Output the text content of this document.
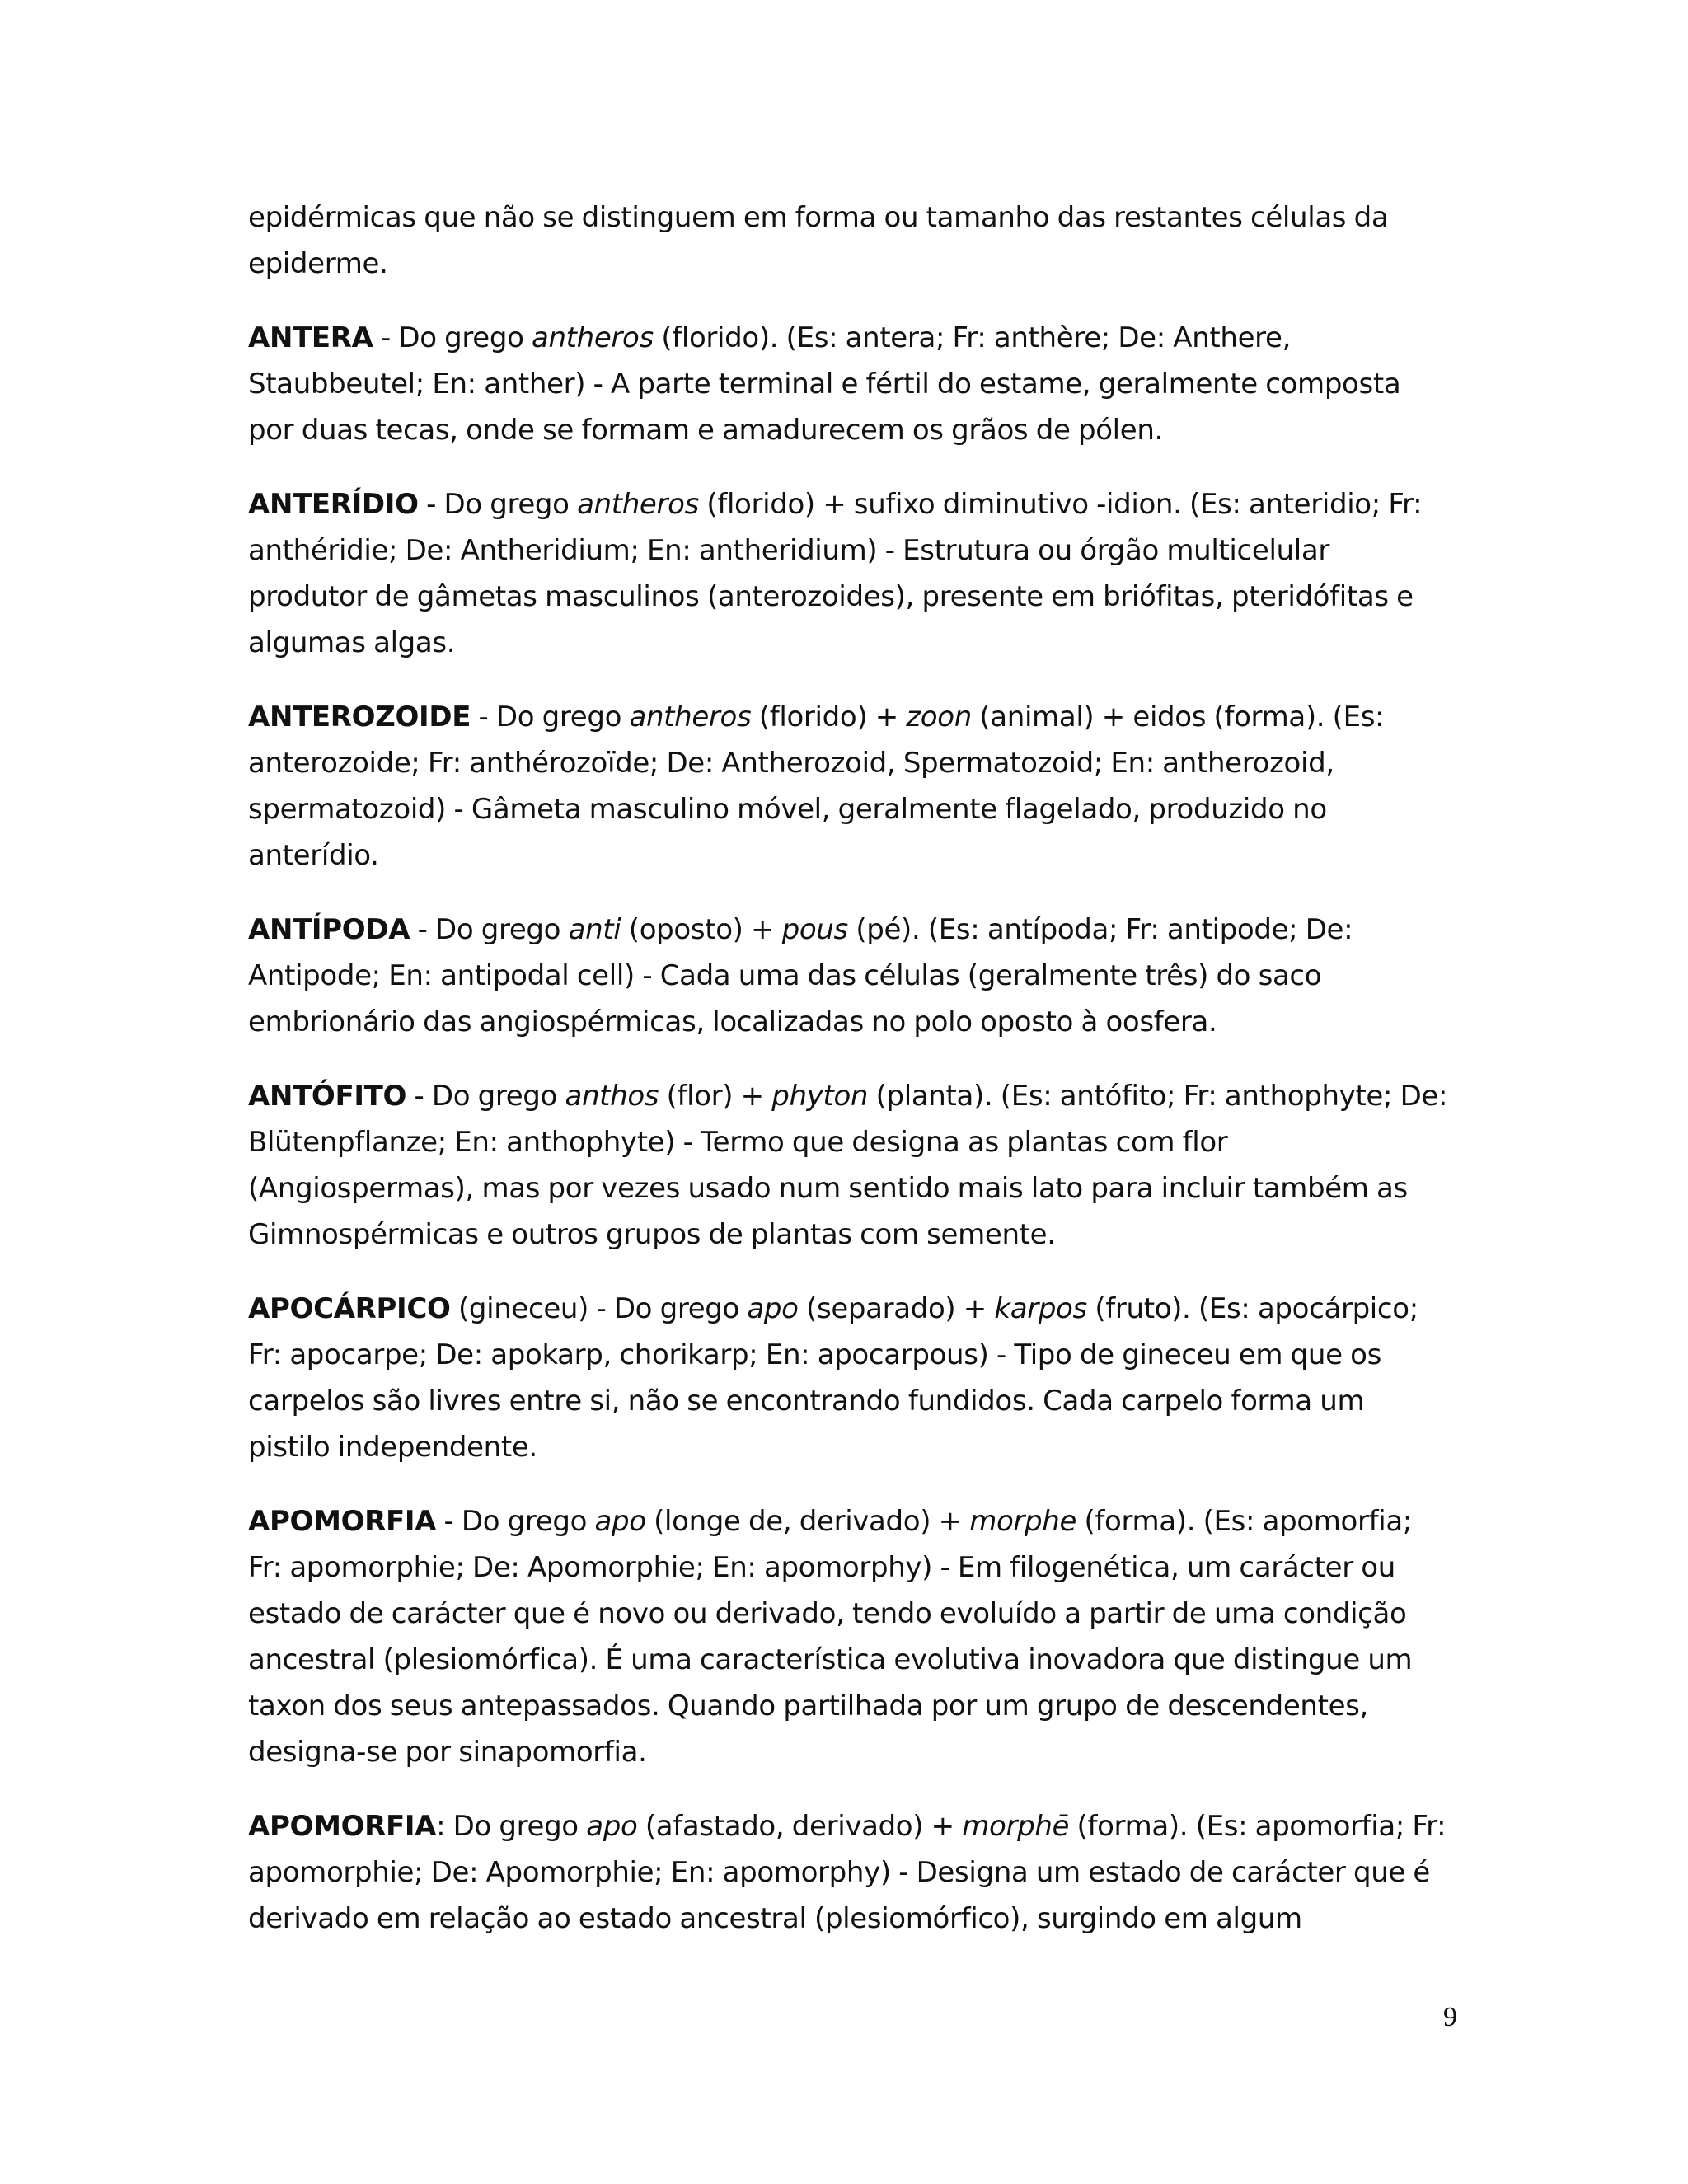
epidérmicas que não se distinguem em forma ou tamanho das restantes células da epiderme.

ANTERA - Do grego antheros (florido). (Es: antera; Fr: anthère; De: Anthere, Staubbeutel; En: anther) - A parte terminal e fértil do estame, geralmente composta por duas tecas, onde se formam e amadurecem os grãos de pólen.

ANTERÍDIO - Do grego antheros (florido) + sufixo diminutivo -idion. (Es: anteridio; Fr: anthéridie; De: Antheridium; En: antheridium) - Estrutura ou órgão multicelular produtor de gâmetas masculinos (anterozoides), presente em briófitas, pteridófitas e algumas algas.

ANTEROZOIDE - Do grego antheros (florido) + zoon (animal) + eidos (forma). (Es: anterozoide; Fr: anthérozoïde; De: Antherozoid, Spermatozoid; En: antherozoid, spermatozoid) - Gâmeta masculino móvel, geralmente flagelado, produzido no anterídio.

ANTÍPODA - Do grego anti (oposto) + pous (pé). (Es: antípoda; Fr: antipode; De: Antipode; En: antipodal cell) - Cada uma das células (geralmente três) do saco embrionário das angiospérmicas, localizadas no polo oposto à oosfera.

ANTÓFITO - Do grego anthos (flor) + phyton (planta). (Es: antófito; Fr: anthophyte; De: Blütenpflanze; En: anthophyte) - Termo que designa as plantas com flor (Angiospermas), mas por vezes usado num sentido mais lato para incluir também as Gimnospérmicas e outros grupos de plantas com semente.

APOCÁRPICO (gineceu) - Do grego apo (separado) + karpos (fruto). (Es: apocárpico; Fr: apocarpe; De: apokarp, chorikarp; En: apocarpous) - Tipo de gineceu em que os carpelos são livres entre si, não se encontrando fundidos. Cada carpelo forma um pistilo independente.

APOMORFIA - Do grego apo (longe de, derivado) + morphe (forma). (Es: apomorfia; Fr: apomorphie; De: Apomorphie; En: apomorphy) - Em filogenética, um carácter ou estado de carácter que é novo ou derivado, tendo evoluído a partir de uma condição ancestral (plesiomórfica). É uma característica evolutiva inovadora que distingue um taxon dos seus antepassados. Quando partilhada por um grupo de descendentes, designa-se por sinapomorfia.

APOMORFIA: Do grego apo (afastado, derivado) + morphē (forma). (Es: apomorfia; Fr: apomorphie; De: Apomorphie; En: apomorphy) - Designa um estado de carácter que é derivado em relação ao estado ancestral (plesiomórfico), surgindo em algum

9
